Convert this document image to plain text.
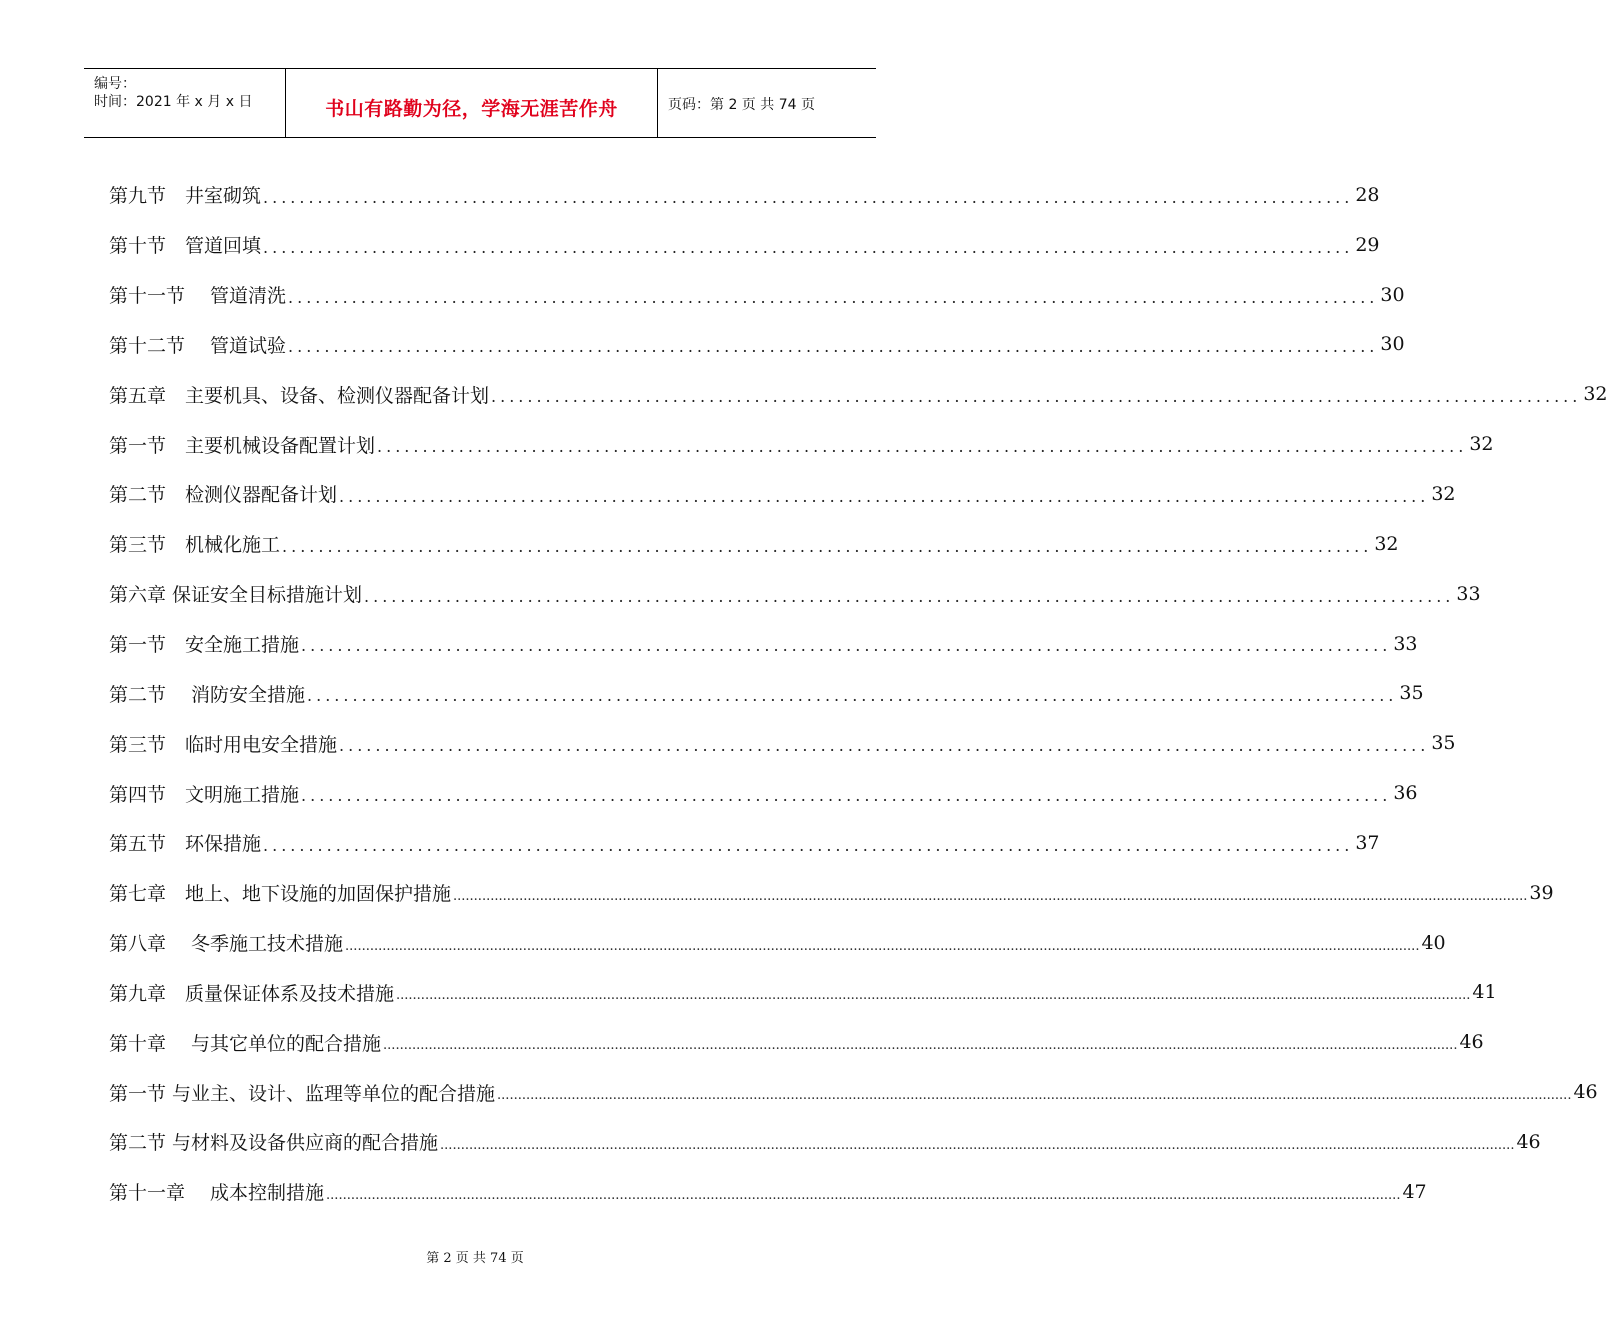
编号：
时间：2021 年 x 月 x 日	书山有路勤为径，学海无涯苦作舟	页码：第 2 页 共 74 页
第九节　井室砌筑 ........................................................................................................................ 28
第十节　管道回填 ........................................................................................................................ 29
第十一节　 管道清洗 ........................................................................................................................ 30
第十二节　 管道试验 ........................................................................................................................ 30
第五章　主要机具、设备、检测仪器配备计划 ........................................................................................................................ 32
第一节　主要机械设备配置计划 ........................................................................................................................ 32
第二节　检测仪器配备计划 ........................................................................................................................ 32
第三节　机械化施工 ........................................................................................................................ 32
第六章 保证安全目标措施计划 ........................................................................................................................ 33
第一节　安全施工措施 ........................................................................................................................ 33
第二节　 消防安全措施 ........................................................................................................................ 35
第三节　临时用电安全措施 ........................................................................................................................ 35
第四节　文明施工措施 ........................................................................................................................ 36
第五节　环保措施 ........................................................................................................................ 37
第七章　地上、地下设施的加固保护措施 .................................................................................................................................................................................................................................................................... 39
第八章　 冬季施工技术措施 .................................................................................................................................................................................................................................................................... 40
第九章　质量保证体系及技术措施 .................................................................................................................................................................................................................................................................... 41
第十章　 与其它单位的配合措施 .................................................................................................................................................................................................................................................................... 46
第一节 与业主、设计、监理等单位的配合措施 .................................................................................................................................................................................................................................................................... 46
第二节 与材料及设备供应商的配合措施 .................................................................................................................................................................................................................................................................... 46
第十一章　 成本控制措施 .................................................................................................................................................................................................................................................................... 47
第 2 页 共 74 页
